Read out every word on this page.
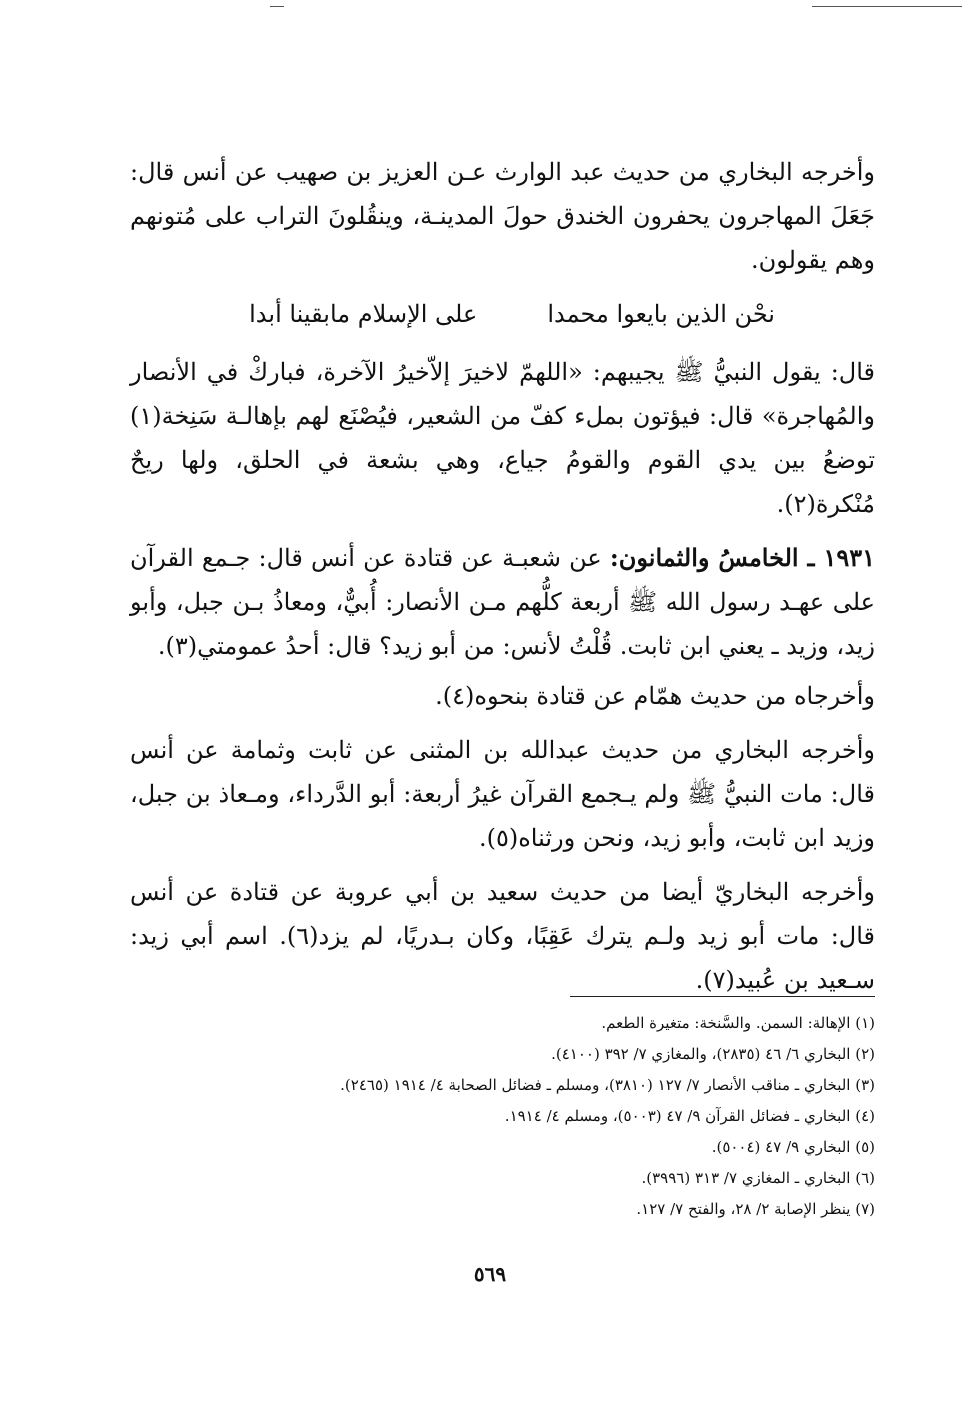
وأخرجه البخاري من حديث عبد الوارث عـن العزيز بن صهيب عن أنس قال: جَعَلَ المهاجرون يحفرون الخندق حولَ المدينـة، وينقُلونَ التراب على مُتونهم وهم يقولون.

نحْن الذين بايعوا محمدا
على الإسلام مابقينا أبدا

قال: يقول النبيُّ ﷺ يجيبهم: «اللهمّ لاخيرَ إلاّخيرُ الآخرة، فباركْ في الأنصار والمُهاجرة» قال: فيؤتون بملء كفّ من الشعير، فيُصْنَع لهم بإهالـة سَنِخة(١) توضعُ بين يدي القوم والقومُ جياع، وهي بشعة في الحلق، ولها ريحٌ مُنْكرة(٢).

١٩٣١ ـ الخامسُ والثمانون: عن شعبـة عن قتادة عن أنس قال: جـمع القرآن على عهـد رسول الله ﷺ أربعة كلُّهم مـن الأنصار: أُبيٌّ، ومعاذُ بـن جبل، وأبو زيد، وزيد ـ يعني ابن ثابت. قُلْتُ لأنس: من أبو زيد؟ قال: أحدُ عمومتي(٣).

وأخرجاه من حديث همّام عن قتادة بنحوه(٤).

وأخرجه البخاري من حديث عبدالله بن المثنى عن ثابت وثمامة عن أنس قال: مات النبيُّ ﷺ ولم يـجمع القرآن غيرُ أربعة: أبو الدَّرداء، ومـعاذ بن جبل، وزيد ابن ثابت، وأبو زيد، ونحن ورثناه(٥).

وأخرجه البخاريّ أيضا من حديث سعيد بن أبي عروبة عن قتادة عن أنس قال: مات أبو زيد ولـم يترك عَقِبًا، وكان بـدريًا، لم يزد(٦). اسم أبي زيد: سـعيد بن عُبيد(٧).

(١) الإهالة: السمن. والسَّنخة: متغيرة الطعم.
(٢) البخاري ٦/ ٤٦ (٢٨٣٥)، والمغازي ٧/ ٣٩٢ (٤١٠٠).
(٣) البخاري ـ مناقب الأنصار ٧/ ١٢٧ (٣٨١٠)، ومسلم ـ فضائل الصحابة ٤/ ١٩١٤ (٢٤٦٥).
(٤) البخاري ـ فضائل القرآن ٩/ ٤٧ (٥٠٠٣)، ومسلم ٤/ ١٩١٤.
(٥) البخاري ٩/ ٤٧ (٥٠٠٤).
(٦) البخاري ـ المغازي ٧/ ٣١٣ (٣٩٩٦).
(٧) ينظر الإصابة ٢/ ٢٨، والفتح ٧/ ١٢٧.
٥٦٩
